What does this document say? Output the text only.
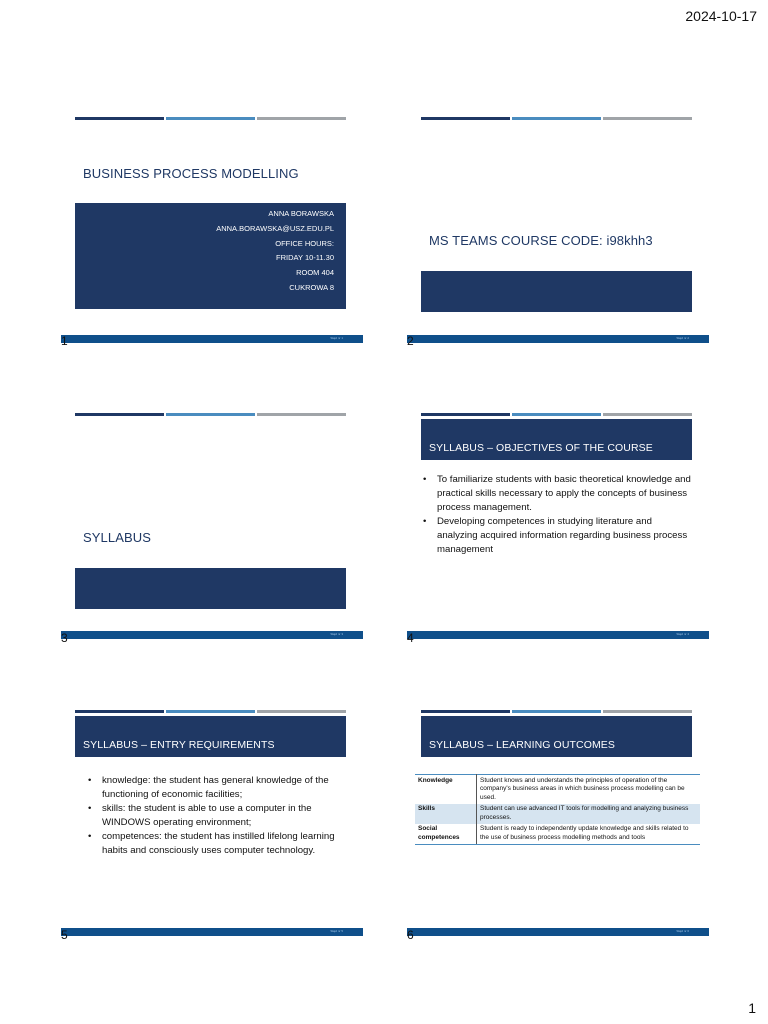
2024-10-17
BUSINESS PROCESS MODELLING
ANNA BORAWSKA
ANNA.BORAWSKA@USZ.EDU.PL
OFFICE HOURS:
FRIDAY 10-11.30
ROOM 404
CUKROWA 8
Slajd nr 1
1
MS TEAMS COURSE CODE: i98khh3
Slajd nr 2
2
SYLLABUS
Slajd nr 3
3
SYLLABUS – OBJECTIVES OF THE COURSE
• To familiarize students with basic theoretical knowledge and practical skills necessary to apply the concepts of business process management.
• Developing competences in studying literature and analyzing acquired information regarding business process management
Slajd nr 4
4
SYLLABUS – ENTRY REQUIREMENTS
• knowledge: the student has general knowledge of the functioning of economic facilities;
• skills: the student is able to use a computer in the WINDOWS operating environment;
• competences: the student has instilled lifelong learning habits and consciously uses computer technology.
Slajd nr 5
5
SYLLABUS – LEARNING OUTCOMES
Knowledge	Student knows and understands the principles of operation of the company's business areas in which business process modelling can be used.
Skills	Student can use advanced IT tools for modelling and analyzing business processes.
Social competences	Student is ready to independently update knowledge and skills related to the use of business process modelling methods and tools
Slajd nr 6
6
1
